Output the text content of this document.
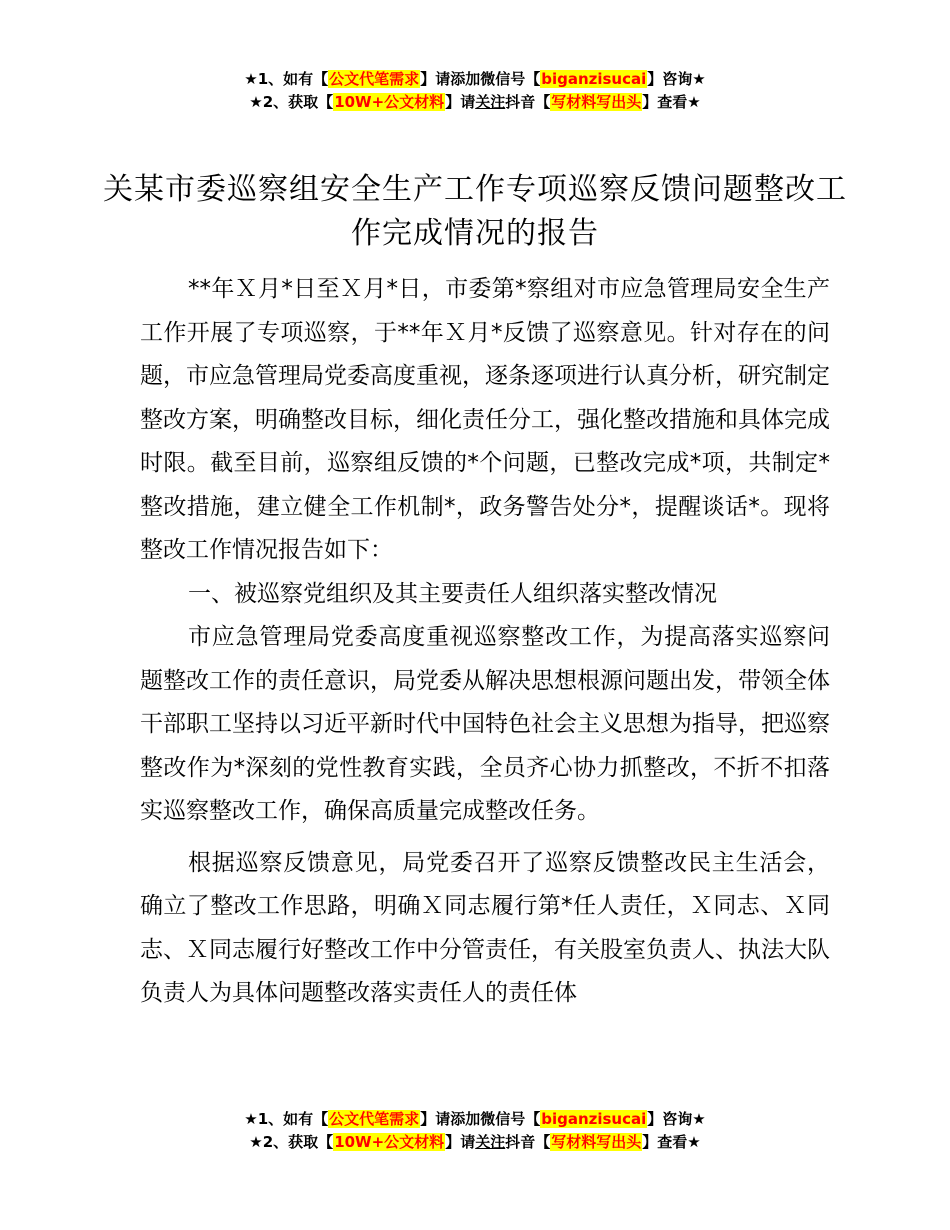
★1、如有【公文代笔需求】请添加微信号【biganzisucai】咨询★
★2、获取【10W+公文材料】请关注抖音【写材料写出头】查看★
关某市委巡察组安全生产工作专项巡察反馈问题整改工作完成情况的报告

**年Ｘ月*日至Ｘ月*日，市委第*察组对市应急管理局安全生产工作开展了专项巡察，于**年Ｘ月*反馈了巡察意见。针对存在的问题，市应急管理局党委高度重视，逐条逐项进行认真分析，研究制定整改方案，明确整改目标，细化责任分工，强化整改措施和具体完成时限。截至目前，巡察组反馈的*个问题，已整改完成*项，共制定*整改措施，建立健全工作机制*，政务警告处分*，提醒谈话*。现将整改工作情况报告如下：

一、被巡察党组织及其主要责任人组织落实整改情况

市应急管理局党委高度重视巡察整改工作，为提高落实巡察问题整改工作的责任意识，局党委从解决思想根源问题出发，带领全体干部职工坚持以习近平新时代中国特色社会主义思想为指导，把巡察整改作为*深刻的党性教育实践，全员齐心协力抓整改，不折不扣落实巡察整改工作，确保高质量完成整改任务。

根据巡察反馈意见，局党委召开了巡察反馈整改民主生活会，确立了整改工作思路，明确Ｘ同志履行第*任人责任，Ｘ同志、Ｘ同志、Ｘ同志履行好整改工作中分管责任，有关股室负责人、执法大队负责人为具体问题整改落实责任人的责任体

★1、如有【公文代笔需求】请添加微信号【biganzisucai】咨询★
★2、获取【10W+公文材料】请关注抖音【写材料写出头】查看★
